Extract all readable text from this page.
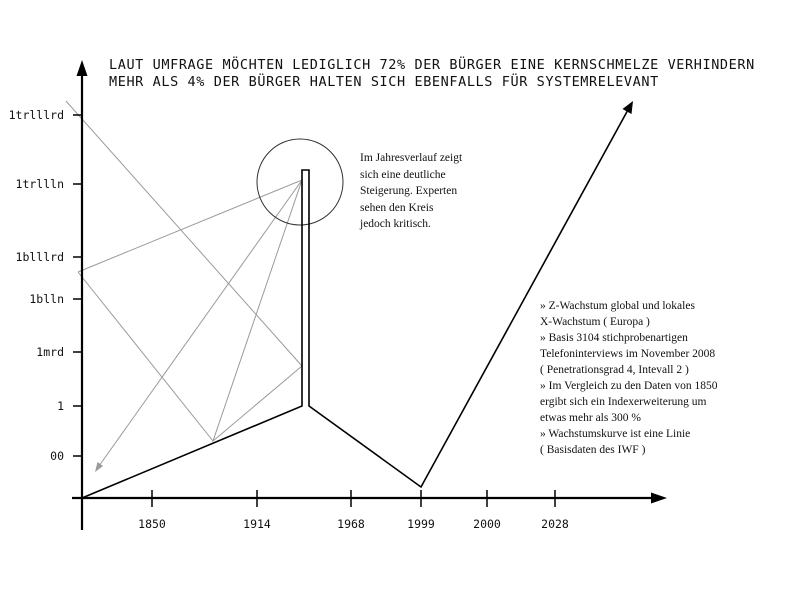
00
1
1mrd
1blln
1blllrd
1trllln
1trlllrd
1850	1914	1968	1999	2000	2028
LAUT UMFRAGE MÖCHTEN LEDIGLICH 72% DER BÜRGER EINE KERNSCHMELZE VERHINDERN
MEHR ALS 4% DER BÜRGER HALTEN SICH EBENFALLS FÜR SYSTEMRELEVANT
Im Jahresverlauf zeigt
sich eine deutliche
Steigerung. Experten
sehen den Kreis
jedoch kritisch.
» Z-Wachstum global und lokales
X-Wachstum ( Europa )
» Basis 3104 stichprobenartigen
Telefoninterviews im November 2008
( Penetrationsgrad 4, Intevall 2 )
» Im Vergleich zu den Daten von 1850
ergibt sich ein Indexerweiterung um
etwas mehr als 300 %
» Wachstumskurve ist eine Linie
( Basisdaten des IWF )
